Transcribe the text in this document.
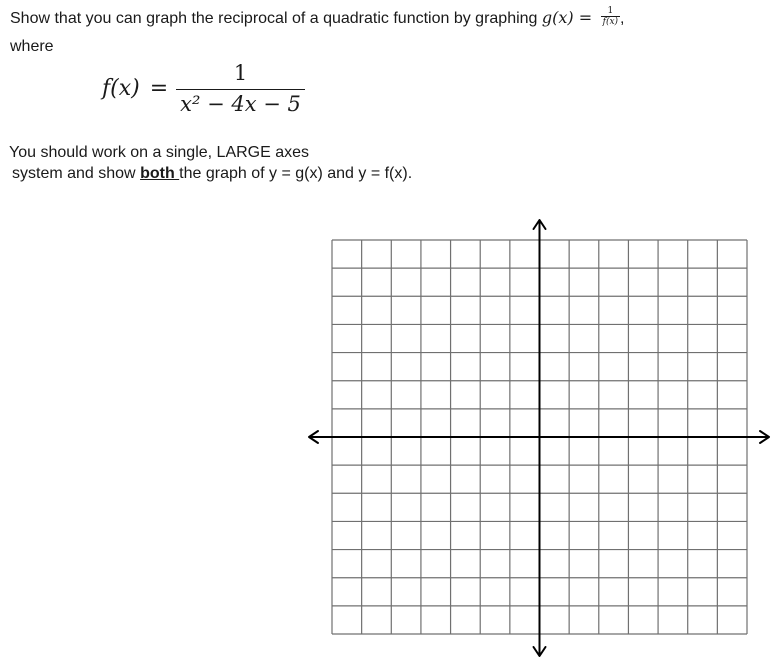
Show that you can graph the reciprocal of a quadratic function by graphing $g(x) = \frac{1}{f(x)}$ ,
where
$f(x) = \frac{1}{\text{x² − 4x − 5}}$
You should work on a single, LARGE axes
system and show both the graph of y = g(x) and y = f(x).
